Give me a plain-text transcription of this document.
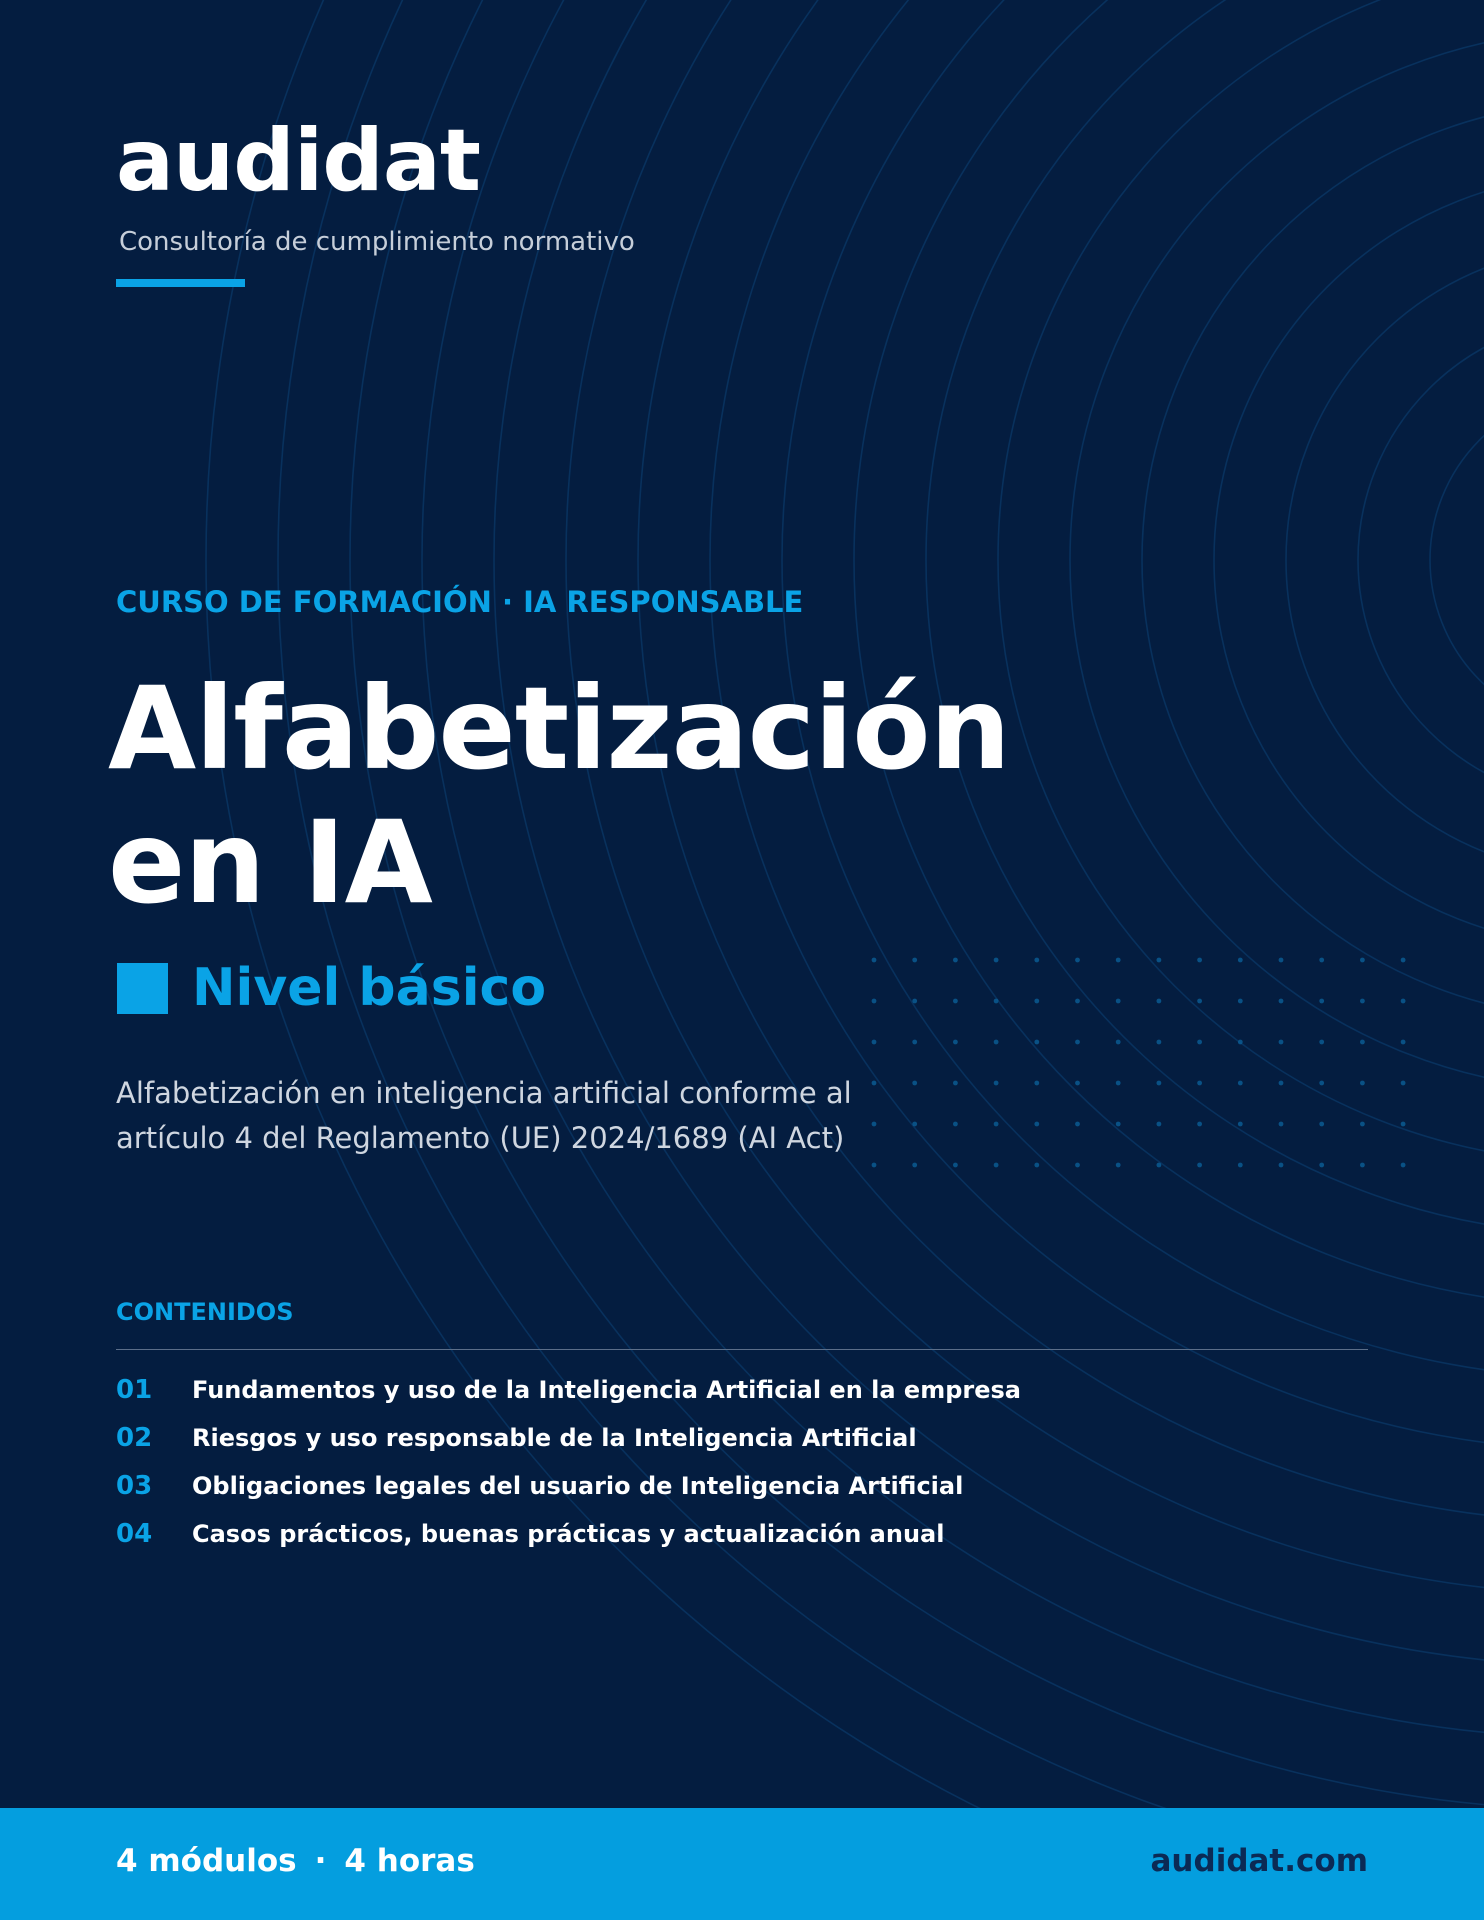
audidat
Consultoría de cumplimiento normativo
CURSO DE FORMACIÓN · IA RESPONSABLE
Alfabetización
en IA
Nivel básico
Alfabetización en inteligencia artificial conforme al
artículo 4 del Reglamento (UE) 2024/1689 (AI Act)
CONTENIDOS
01 Fundamentos y uso de la Inteligencia Artificial en la empresa
02 Riesgos y uso responsable de la Inteligencia Artificial
03 Obligaciones legales del usuario de Inteligencia Artificial
04 Casos prácticos, buenas prácticas y actualización anual
4 módulos · 4 horas	audidat.com
